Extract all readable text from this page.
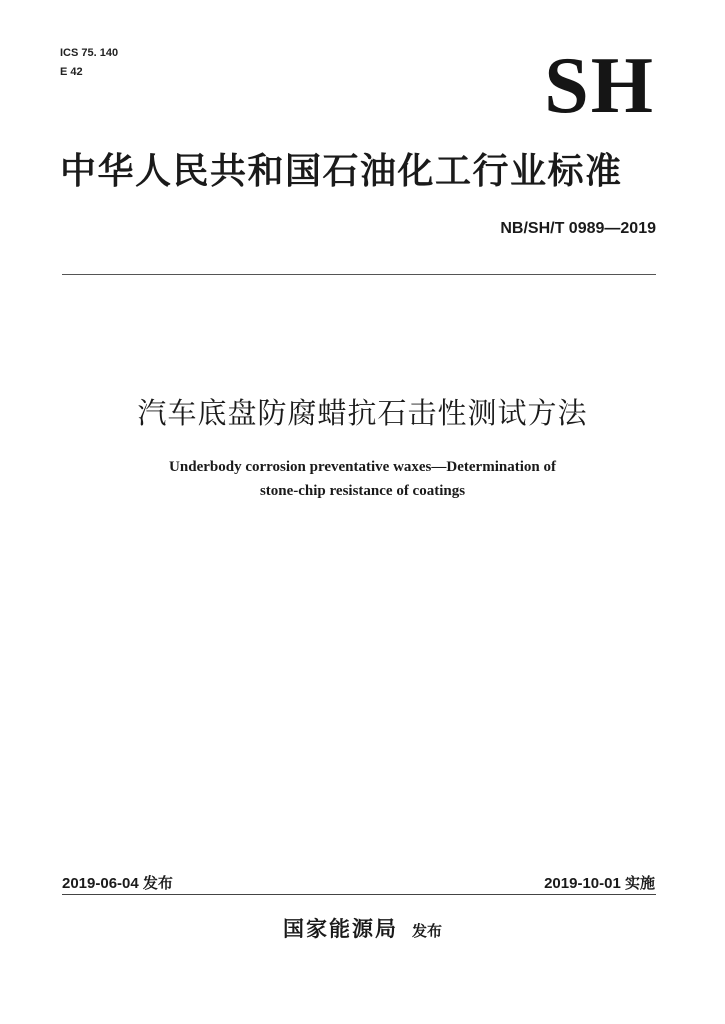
ICS 75. 140
E 42	SH
中华人民共和国石油化工行业标准
NB/SH/T 0989—2019
汽车底盘防腐蜡抗石击性测试方法
Underbody corrosion preventative waxes—Determination of
stone-chip resistance of coatings
2019-06-04 发布	2019-10-01 实施
国家能源局 发布
